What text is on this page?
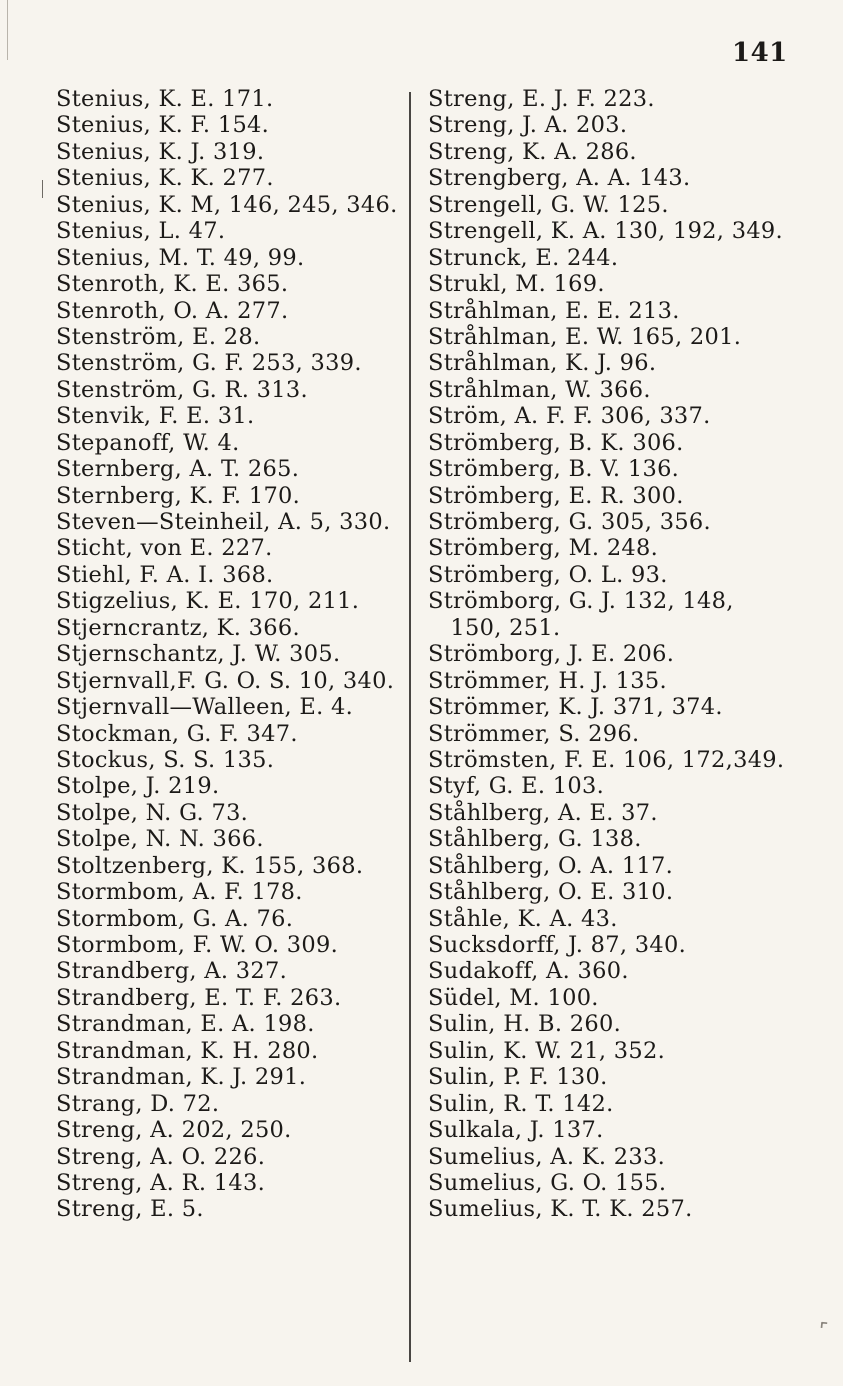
141
Stenius, K. E. 171.
Stenius, K. F. 154.
Stenius, K. J. 319.
Stenius, K. K. 277.
Stenius, K. M, 146, 245, 346.
Stenius, L. 47.
Stenius, M. T. 49, 99.
Stenroth, K. E. 365.
Stenroth, O. A. 277.
Stenström, E. 28.
Stenström, G. F. 253, 339.
Stenström, G. R. 313.
Stenvik, F. E. 31.
Stepanoff, W. 4.
Sternberg, A. T. 265.
Sternberg, K. F. 170.
Steven—Steinheil, A. 5, 330.
Sticht, von E. 227.
Stiehl, F. A. I. 368.
Stigzelius, K. E. 170, 211.
Stjerncrantz, K. 366.
Stjernschantz, J. W. 305.
Stjernvall,F. G. O. S. 10, 340.
Stjernvall—Walleen, E. 4.
Stockman, G. F. 347.
Stockus, S. S. 135.
Stolpe, J. 219.
Stolpe, N. G. 73.
Stolpe, N. N. 366.
Stoltzenberg, K. 155, 368.
Stormbom, A. F. 178.
Stormbom, G. A. 76.
Stormbom, F. W. O. 309.
Strandberg, A. 327.
Strandberg, E. T. F. 263.
Strandman, E. A. 198.
Strandman, K. H. 280.
Strandman, K. J. 291.
Strang, D. 72.
Streng, A. 202, 250.
Streng, A. O. 226.
Streng, A. R. 143.
Streng, E. 5.
Streng, E. J. F. 223.
Streng, J. A. 203.
Streng, K. A. 286.
Strengberg, A. A. 143.
Strengell, G. W. 125.
Strengell, K. A. 130, 192, 349.
Strunck, E. 244.
Strukl, M. 169.
Stråhlman, E. E. 213.
Stråhlman, E. W. 165, 201.
Stråhlman, K. J. 96.
Stråhlman, W. 366.
Ström, A. F. F. 306, 337.
Strömberg, B. K. 306.
Strömberg, B. V. 136.
Strömberg, E. R. 300.
Strömberg, G. 305, 356.
Strömberg, M. 248.
Strömberg, O. L. 93.
Strömborg, G. J. 132, 148,
150, 251.
Strömborg, J. E. 206.
Strömmer, H. J. 135.
Strömmer, K. J. 371, 374.
Strömmer, S. 296.
Strömsten, F. E. 106, 172,349.
Styf, G. E. 103.
Ståhlberg, A. E. 37.
Ståhlberg, G. 138.
Ståhlberg, O. A. 117.
Ståhlberg, O. E. 310.
Ståhle, K. A. 43.
Sucksdorff, J. 87, 340.
Sudakoff, A. 360.
Südel, M. 100.
Sulin, H. B. 260.
Sulin, K. W. 21, 352.
Sulin, P. F. 130.
Sulin, R. T. 142.
Sulkala, J. 137.
Sumelius, A. K. 233.
Sumelius, G. O. 155.
Sumelius, K. T. K. 257.
⌃
